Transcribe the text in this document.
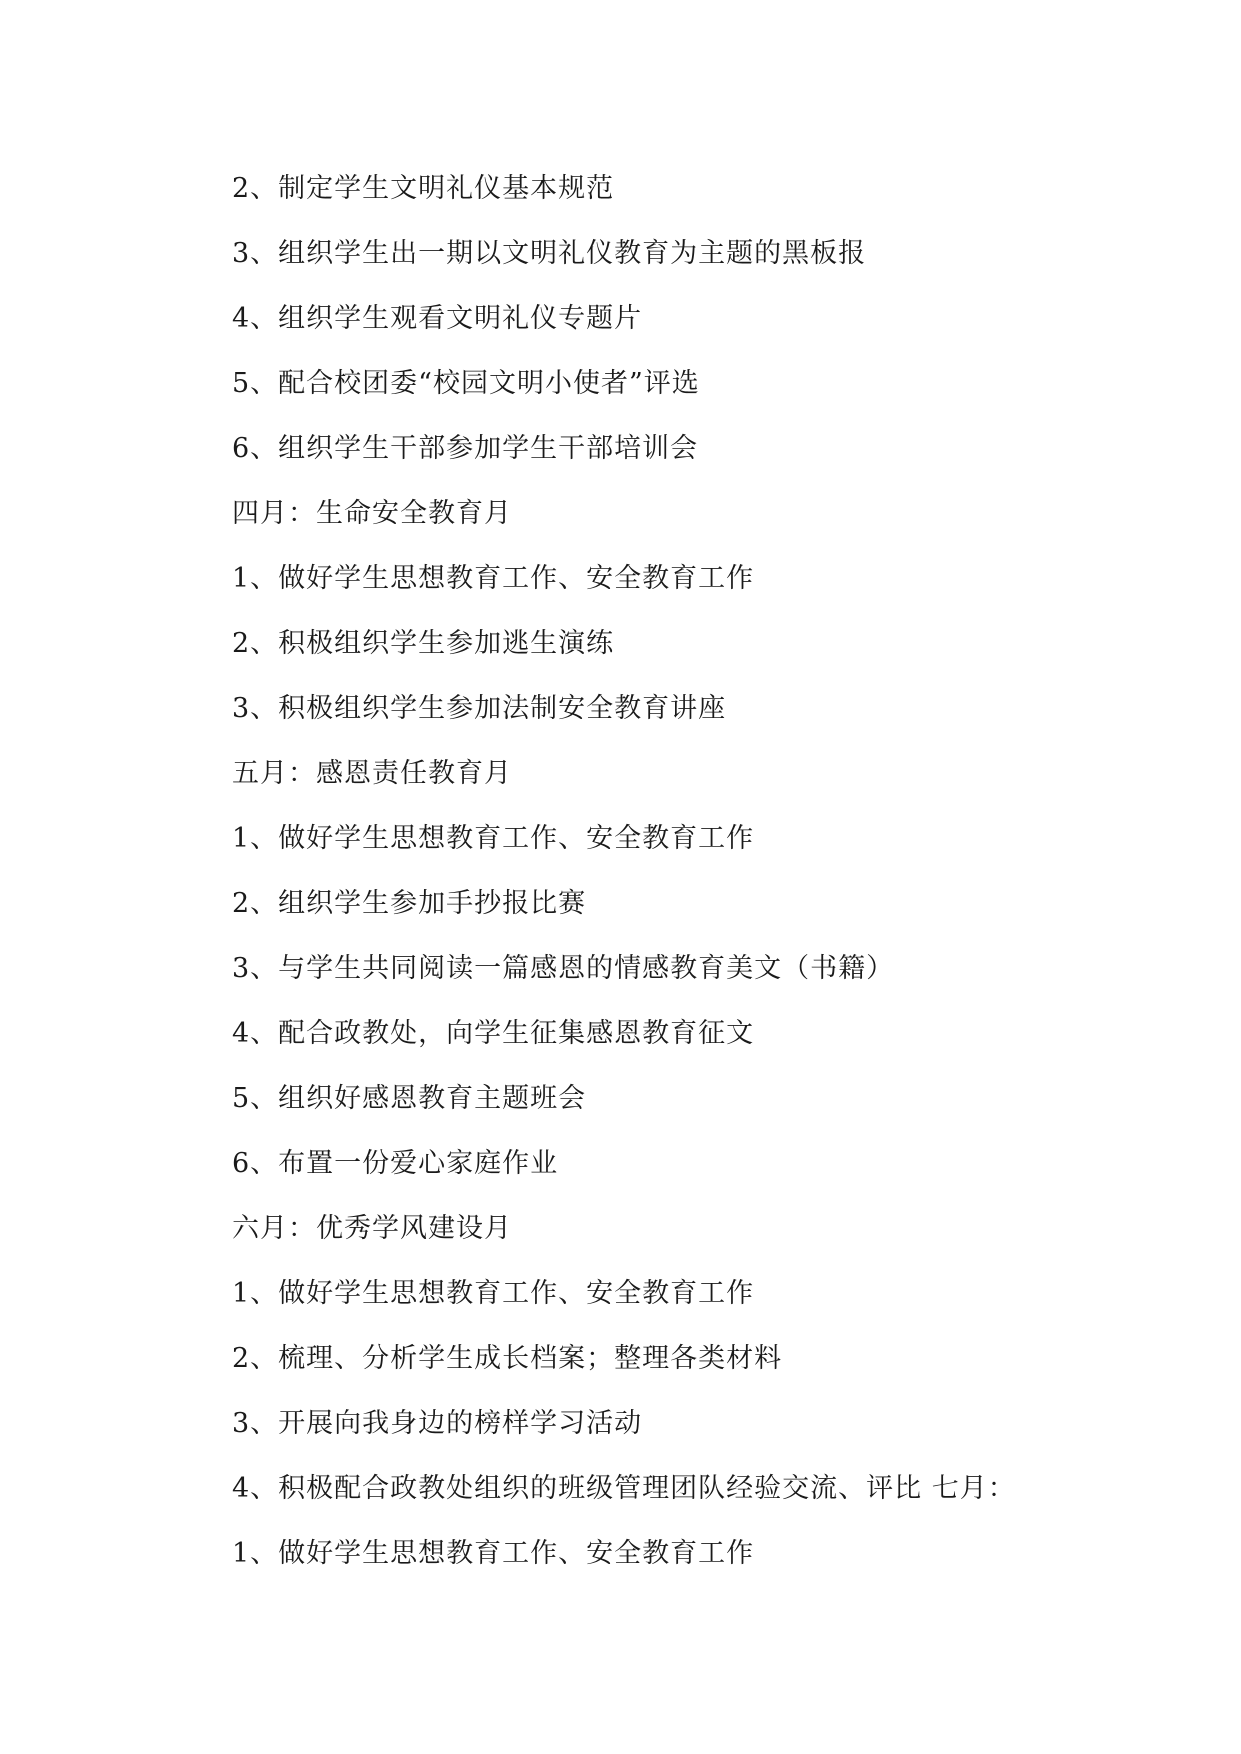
2、制定学生文明礼仪基本规范
3、组织学生出一期以文明礼仪教育为主题的黑板报
4、组织学生观看文明礼仪专题片
5、配合校团委“校园文明小使者”评选
6、组织学生干部参加学生干部培训会
四月：生命安全教育月
1、做好学生思想教育工作、安全教育工作
2、积极组织学生参加逃生演练
3、积极组织学生参加法制安全教育讲座
五月：感恩责任教育月
1、做好学生思想教育工作、安全教育工作
2、组织学生参加手抄报比赛
3、与学生共同阅读一篇感恩的情感教育美文（书籍）
4、配合政教处，向学生征集感恩教育征文
5、组织好感恩教育主题班会
6、布置一份爱心家庭作业
六月：优秀学风建设月
1、做好学生思想教育工作、安全教育工作
2、梳理、分析学生成长档案；整理各类材料
3、开展向我身边的榜样学习活动
4、积极配合政教处组织的班级管理团队经验交流、评比 七月：
1、做好学生思想教育工作、安全教育工作
